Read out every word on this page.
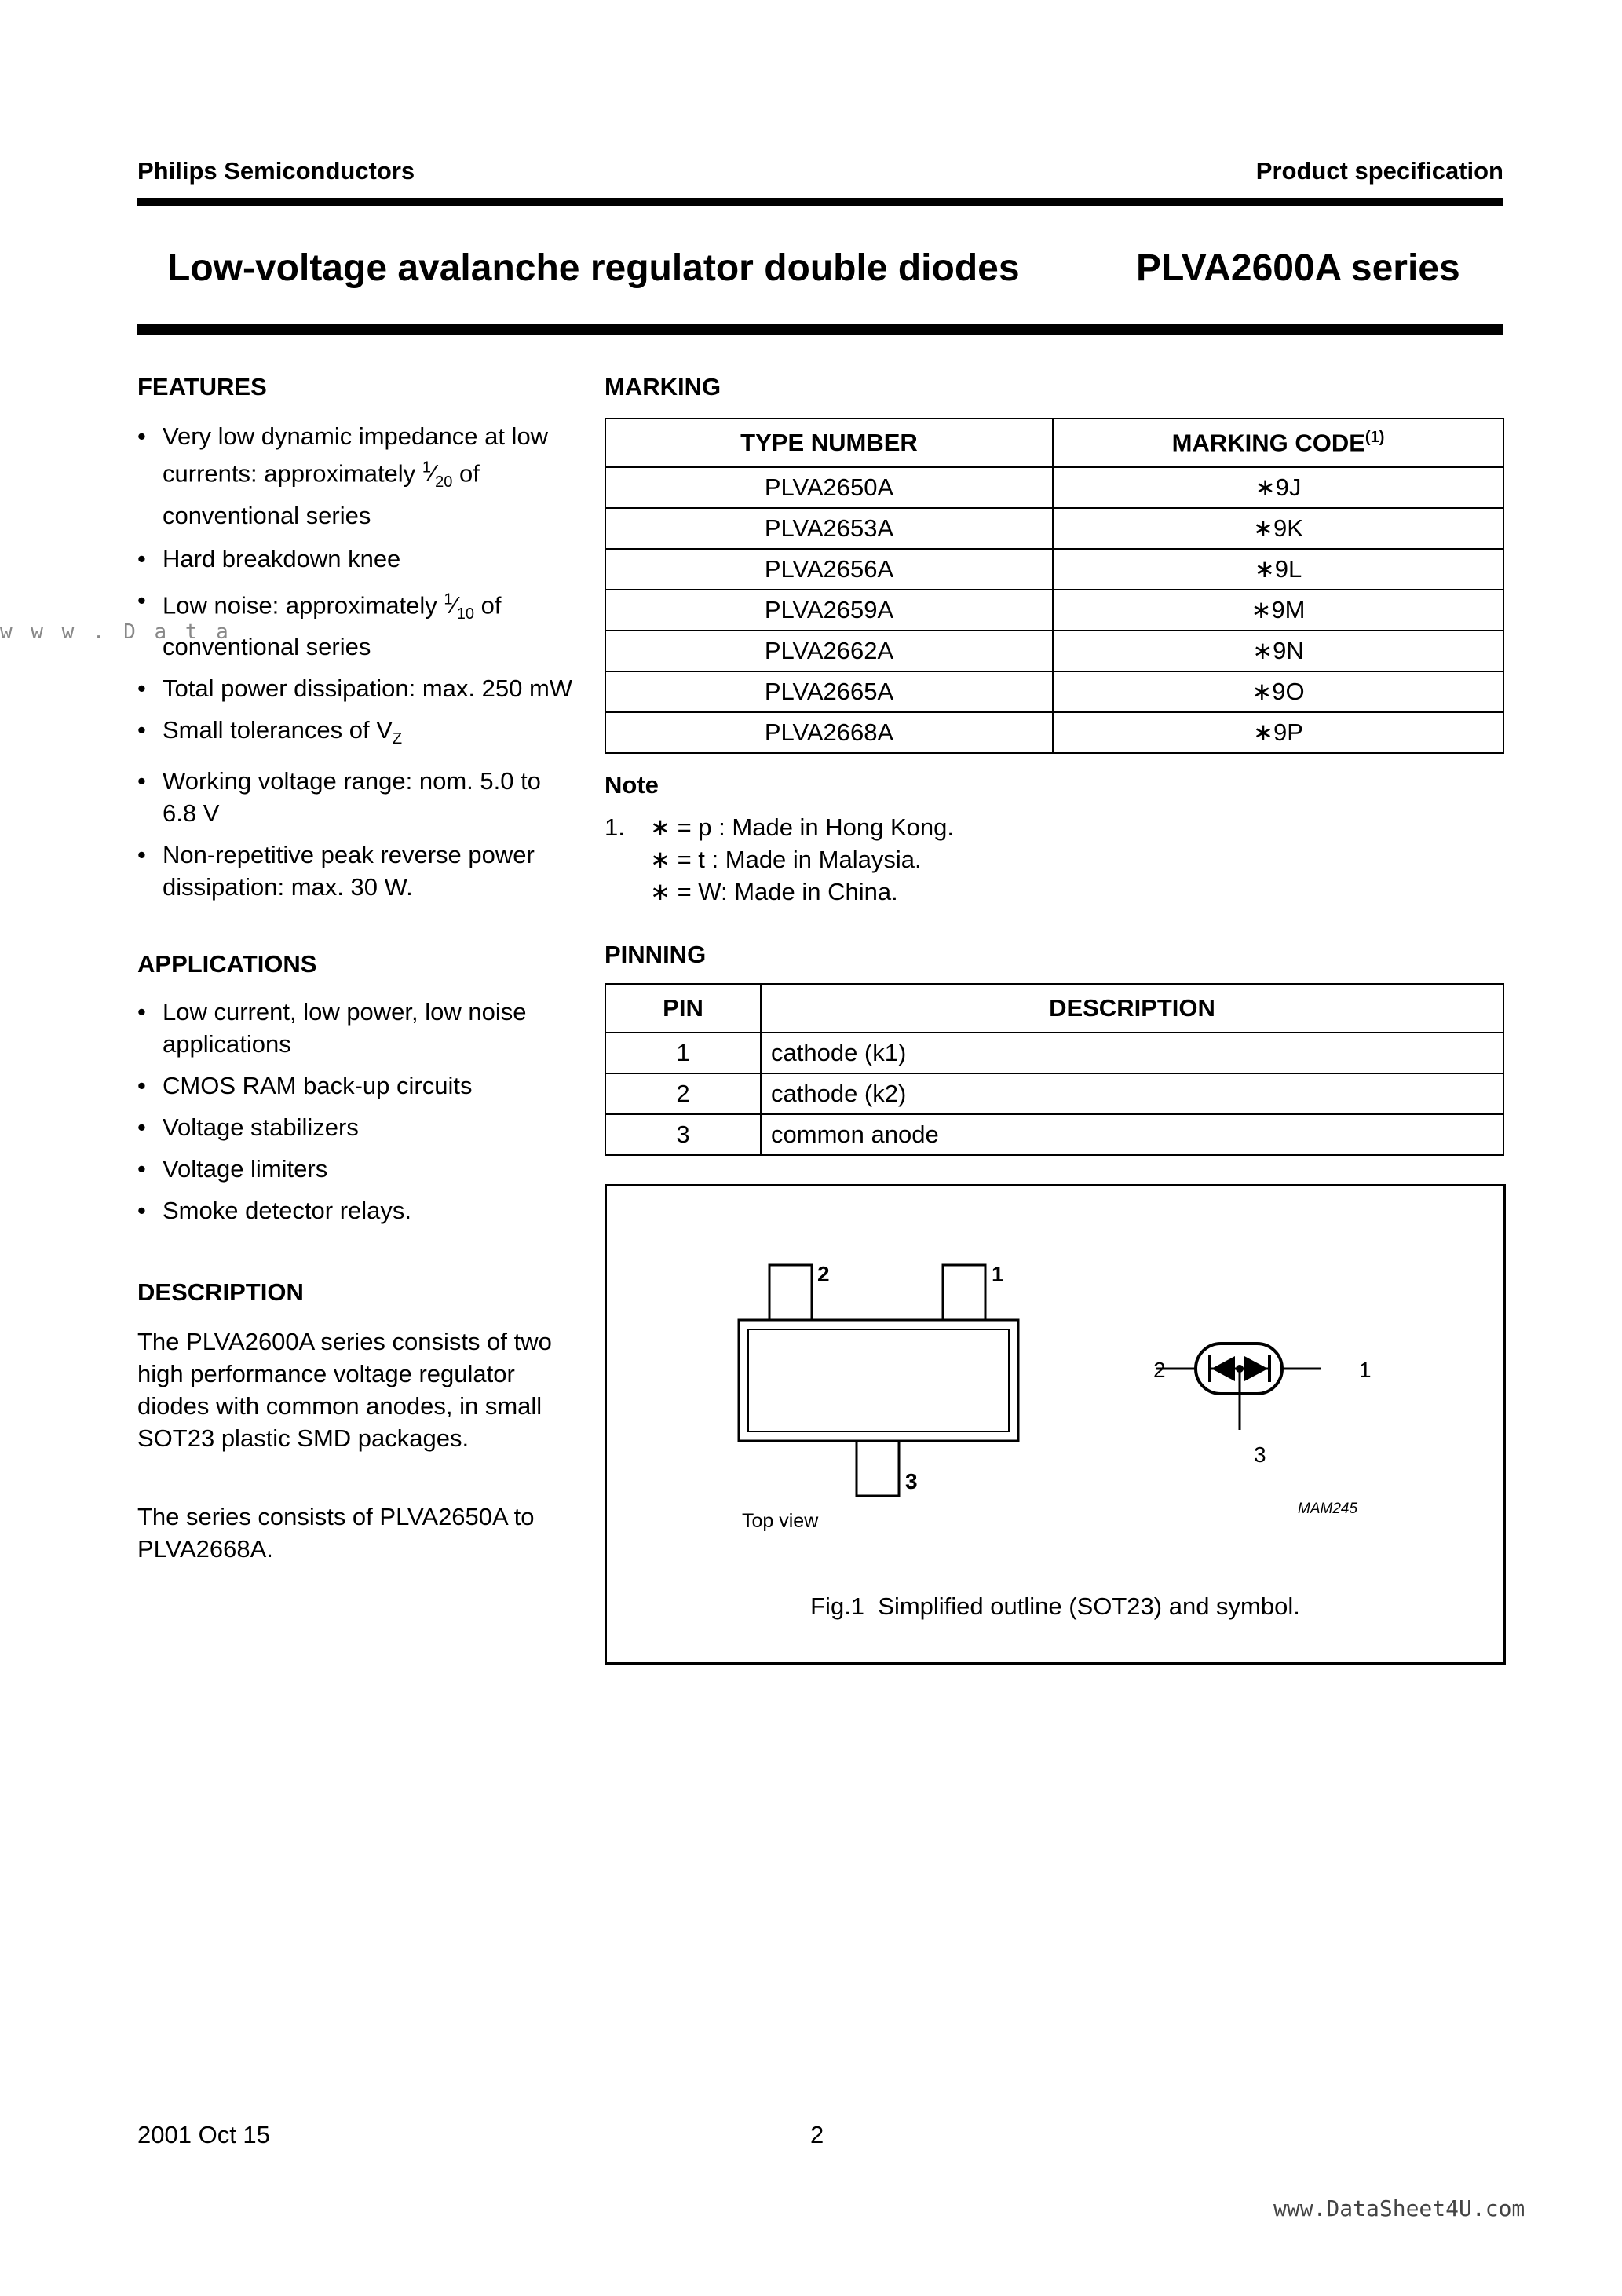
Philips Semiconductors	Product specification
Low-voltage avalanche regulator double diodes	PLVA2600A series
w w w . D a t a
FEATURES
• Very low dynamic impedance at low currents: approximately $^1⁄_{20}$ of conventional series
• Hard breakdown knee
• Low noise: approximately $^1⁄_{10}$ of conventional series
• Total power dissipation: max. 250 mW
• Small tolerances of $V_Z$
• Working voltage range: nom. 5.0 to 6.8 V
• Non-repetitive peak reverse power dissipation: max. 30 W.
APPLICATIONS
• Low current, low power, low noise applications
• CMOS RAM back-up circuits
• Voltage stabilizers
• Voltage limiters
• Smoke detector relays.
DESCRIPTION
The PLVA2600A series consists of two high performance voltage regulator diodes with common anodes, in small SOT23 plastic SMD packages.
The series consists of PLVA2650A to PLVA2668A.
MARKING
TYPE NUMBER	MARKING CODE$^{(1)}$
PLVA2650A	∗9J
PLVA2653A	∗9K
PLVA2656A	∗9L
PLVA2659A	∗9M
PLVA2662A	∗9N
PLVA2665A	∗9O
PLVA2668A	∗9P
Note
1. ∗ = p : Made in Hong Kong.
∗ = t : Made in Malaysia.
∗ = W: Made in China.
PINNING
PIN	DESCRIPTION
1	cathode (k1)
2	cathode (k2)
3	common anode
2	1
3
2	1
3
Top view
MAM245
Fig.1 Simplified outline (SOT23) and symbol.
2001 Oct 15	2
www.DataSheet4U.com
